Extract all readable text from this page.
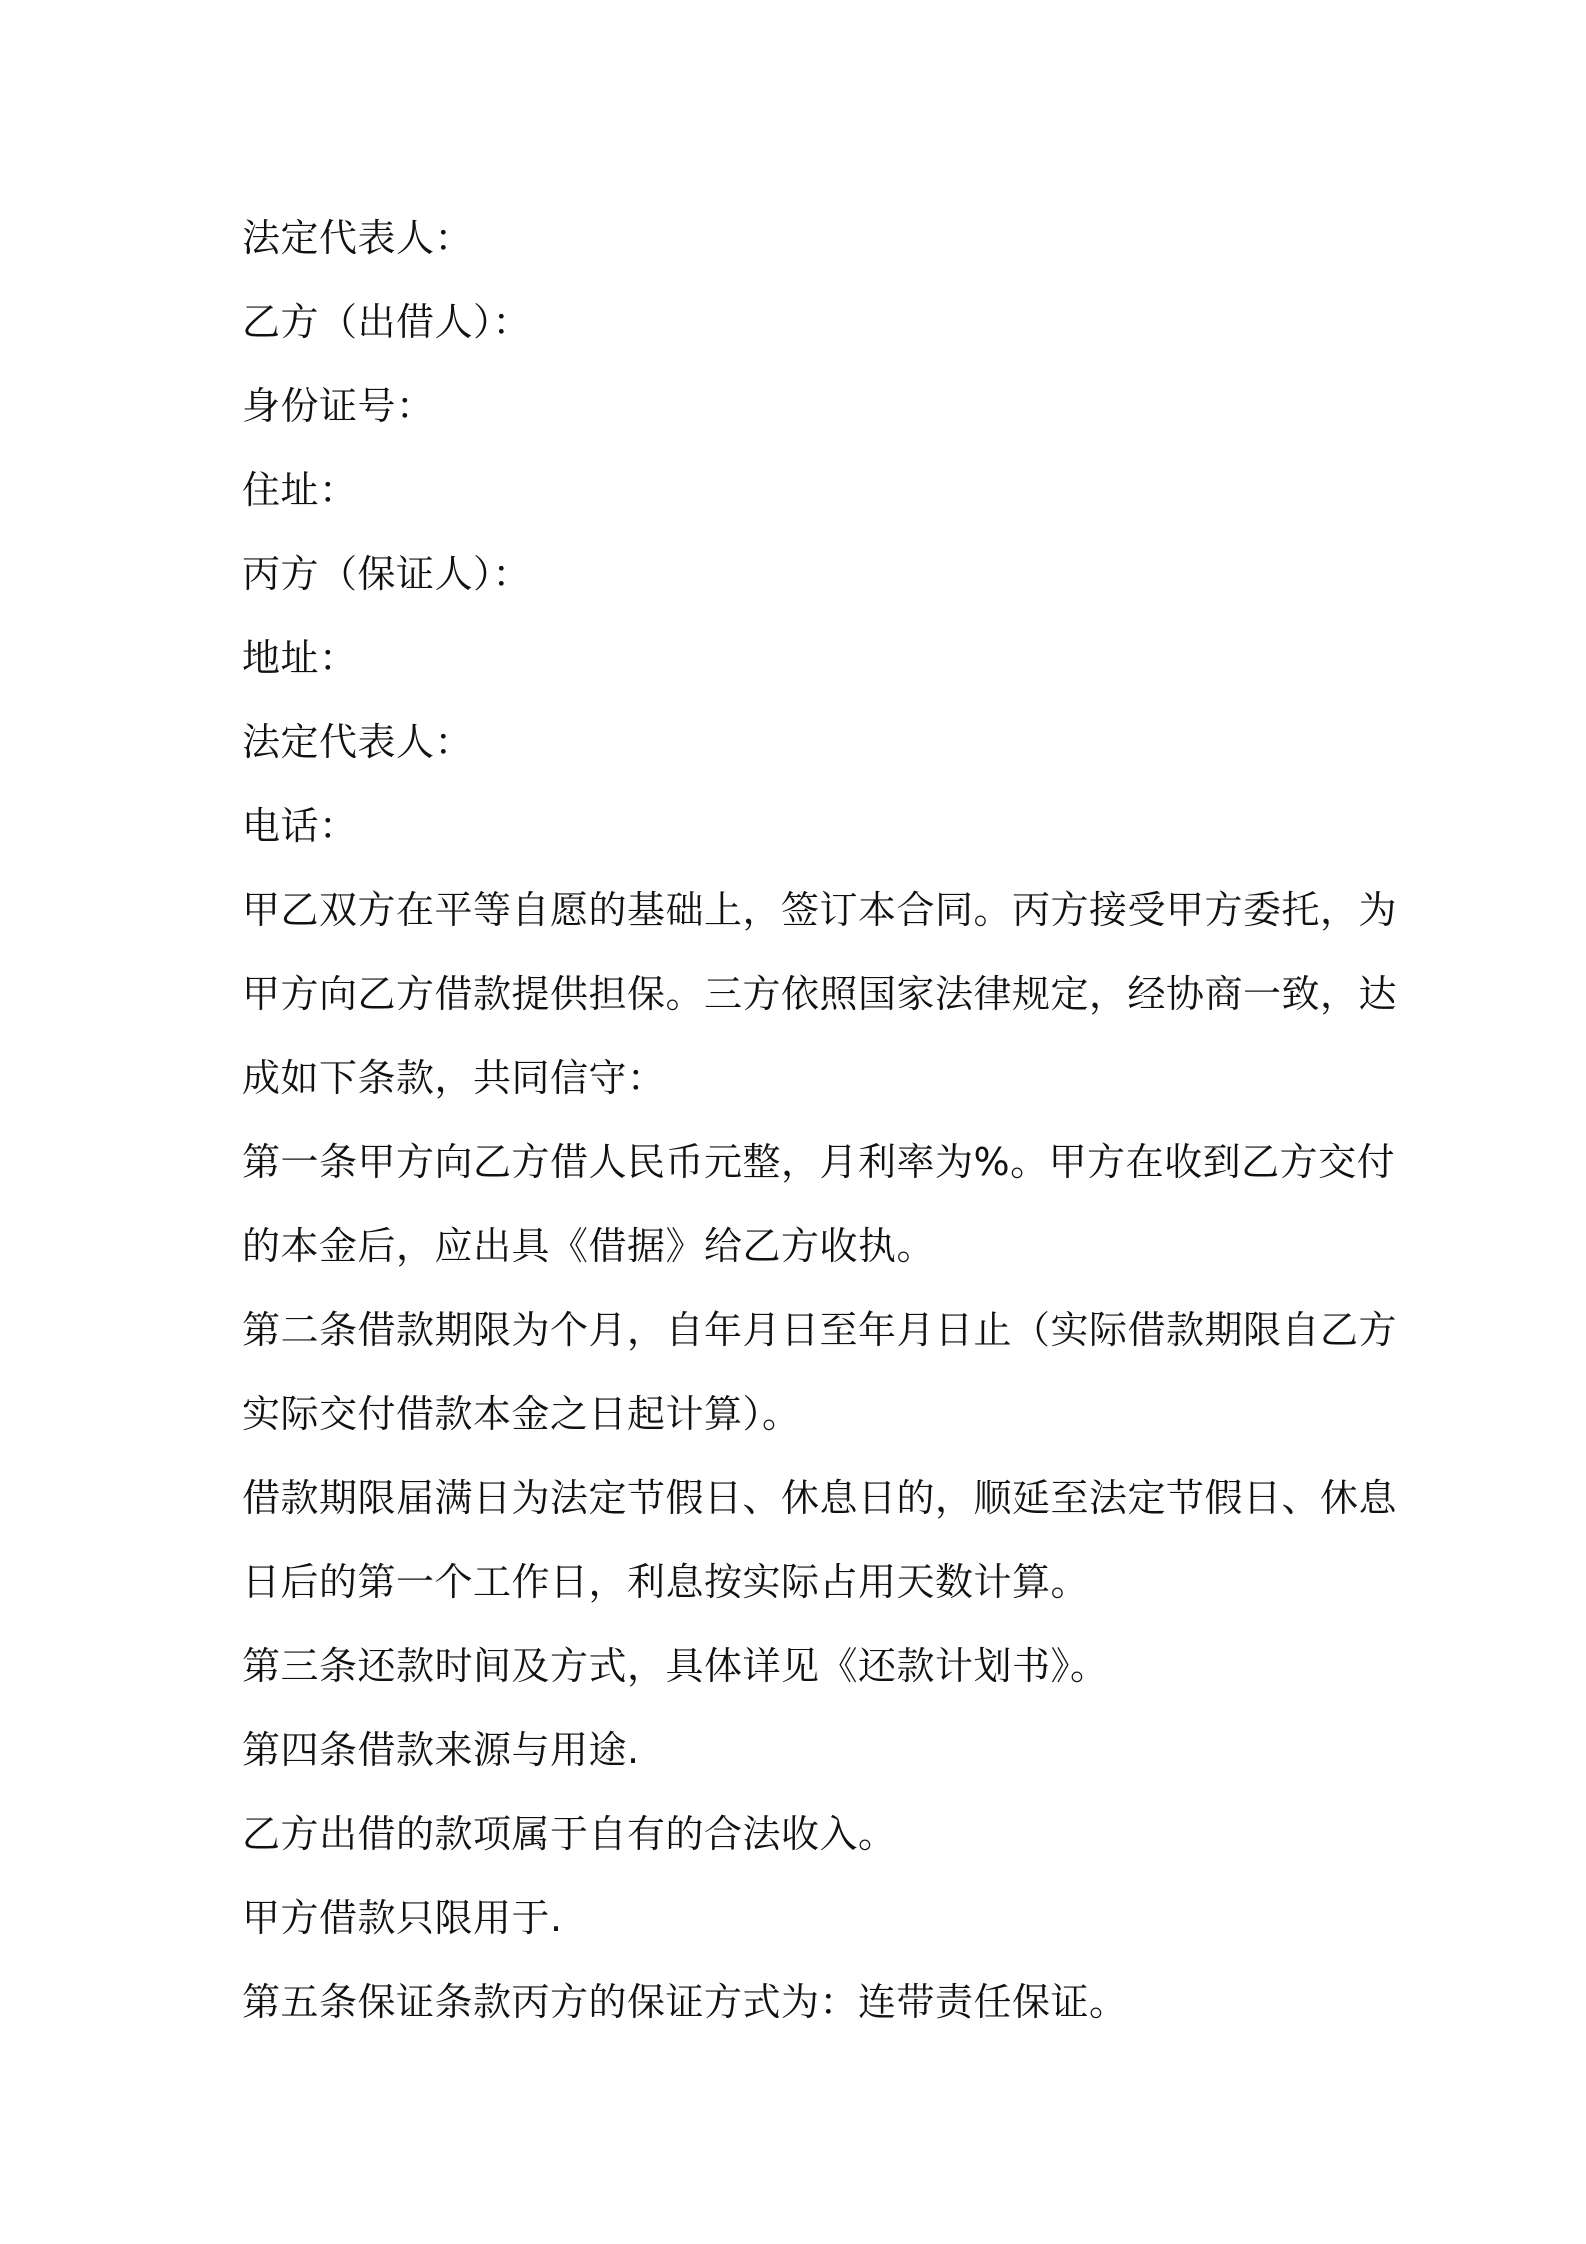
法定代表人：
乙方（出借人）：
身份证号：
住址：
丙方（保证人）：
地址：
法定代表人：
电话：
甲乙双方在平等自愿的基础上，签订本合同。丙方接受甲方委托，为
甲方向乙方借款提供担保。三方依照国家法律规定，经协商一致，达
成如下条款，共同信守：
第一条甲方向乙方借人民币元整，月利率为%。甲方在收到乙方交付
的本金后，应出具《借据》给乙方收执。
第二条借款期限为个月，自年月日至年月日止（实际借款期限自乙方
实际交付借款本金之日起计算）。
借款期限届满日为法定节假日、休息日的，顺延至法定节假日、休息
日后的第一个工作日，利息按实际占用天数计算。
第三条还款时间及方式，具体详见《还款计划书》。
第四条借款来源与用途.
乙方出借的款项属于自有的合法收入。
甲方借款只限用于.
第五条保证条款丙方的保证方式为：连带责任保证。
